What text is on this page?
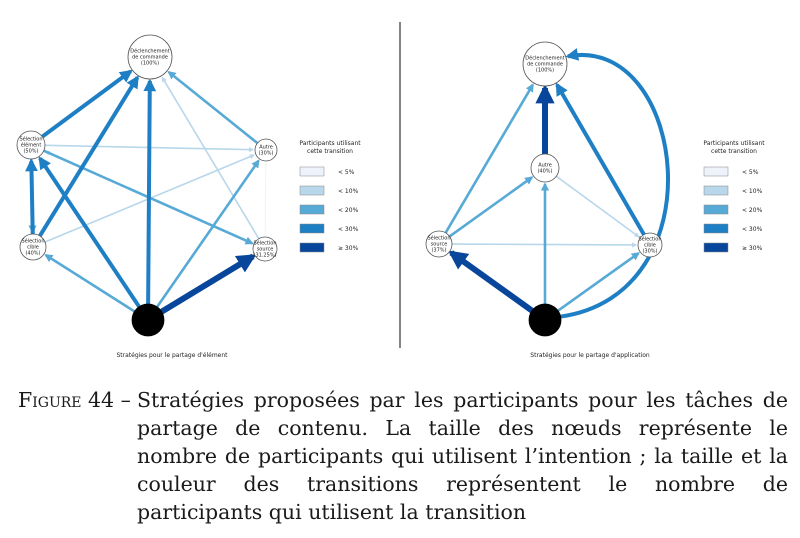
Déclenchement
de commande
(100%)
Sélection
élément
(50%)
Autre
(30%)
Sélection
cible
(40%)
Sélection
source
(31.25%)
Stratégies pour le partage d'élément
Déclenchement
de commande
(100%)
Autre
(40%)
Sélection
source
(37%)
Sélection
cible
(30%)
Stratégies pour le partage d'application
Participants utilisant
cette transition
< 5%
< 10%
< 20%
< 30%
≥ 30%
Participants utilisant
cette transition
< 5%
< 10%
< 20%
< 30%
≥ 30%
Figure 44 – Stratégies proposées par les participants pour les tâches de partage de contenu. La taille des nœuds représente le nombre de participants qui utilisent l’intention ; la taille et la couleur des transitions représentent le nombre de participants qui utilisent la transition
